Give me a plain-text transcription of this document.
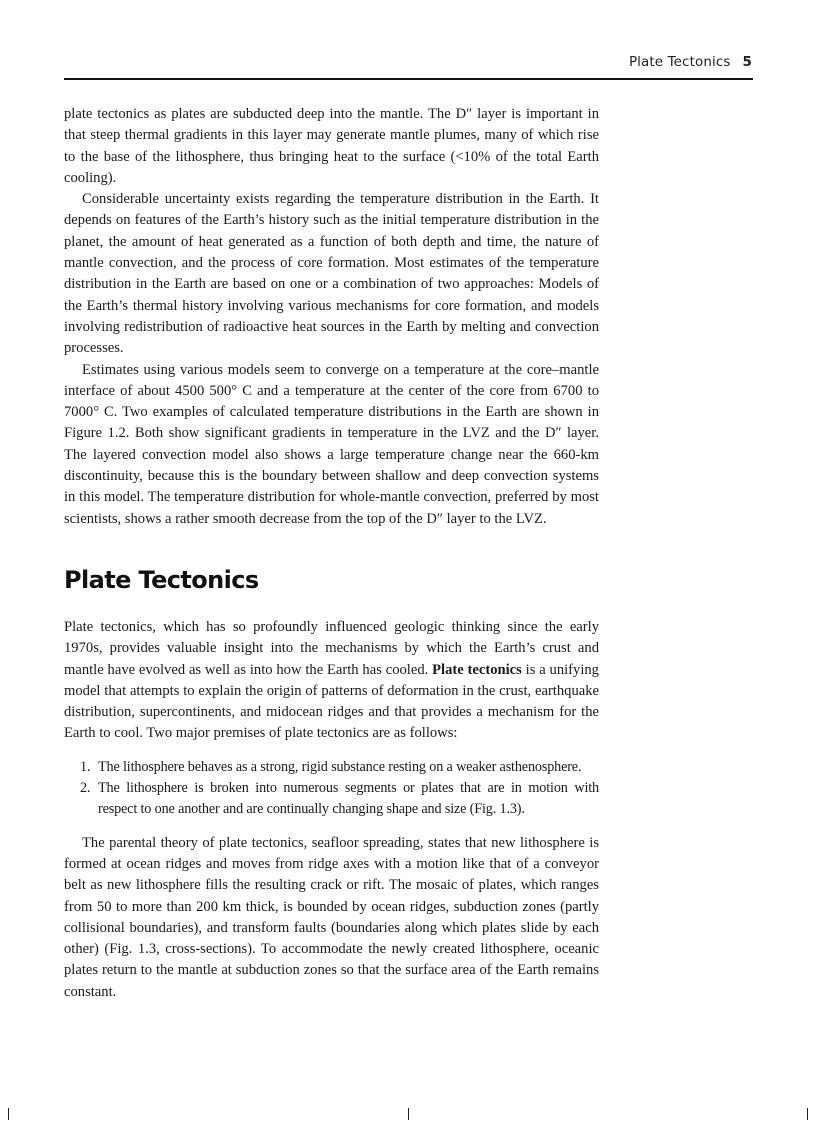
Plate Tectonics 5

plate tectonics as plates are subducted deep into the mantle. The D″ layer is important in that steep thermal gradients in this layer may generate mantle plumes, many of which rise to the base of the lithosphere, thus bringing heat to the surface (<10% of the total Earth cooling).

Considerable uncertainty exists regarding the temperature distribution in the Earth. It depends on features of the Earth’s history such as the initial temperature distribution in the planet, the amount of heat generated as a function of both depth and time, the nature of mantle convection, and the process of core formation. Most estimates of the temperature distribution in the Earth are based on one or a combination of two approaches: Models of the Earth’s thermal history involving various mechanisms for core formation, and models involving redistribution of radioactive heat sources in the Earth by melting and convection processes.

Estimates using various models seem to converge on a temperature at the core–mantle interface of about 4500 500° C and a temperature at the center of the core from 6700 to 7000° C. Two examples of calculated temperature distributions in the Earth are shown in Figure 1.2. Both show significant gradients in temperature in the LVZ and the D″ layer. The layered convection model also shows a large temperature change near the 660-km discontinuity, because this is the boundary between shallow and deep convection systems in this model. The temperature distribution for whole-mantle convection, preferred by most scientists, shows a rather smooth decrease from the top of the D″ layer to the LVZ.

Plate Tectonics

Plate tectonics, which has so profoundly influenced geologic thinking since the early 1970s, provides valuable insight into the mechanisms by which the Earth’s crust and mantle have evolved as well as into how the Earth has cooled. Plate tectonics is a unifying model that attempts to explain the origin of patterns of deformation in the crust, earthquake distribution, supercontinents, and midocean ridges and that provides a mechanism for the Earth to cool. Two major premises of plate tectonics are as follows:

1. The lithosphere behaves as a strong, rigid substance resting on a weaker asthenosphere.
2. The lithosphere is broken into numerous segments or plates that are in motion with respect to one another and are continually changing shape and size (Fig. 1.3).

The parental theory of plate tectonics, seafloor spreading, states that new lithosphere is formed at ocean ridges and moves from ridge axes with a motion like that of a conveyor belt as new lithosphere fills the resulting crack or rift. The mosaic of plates, which ranges from 50 to more than 200 km thick, is bounded by ocean ridges, subduction zones (partly collisional boundaries), and transform faults (boundaries along which plates slide by each other) (Fig. 1.3, cross-sections). To accommodate the newly created lithosphere, oceanic plates return to the mantle at subduction zones so that the surface area of the Earth remains constant.
